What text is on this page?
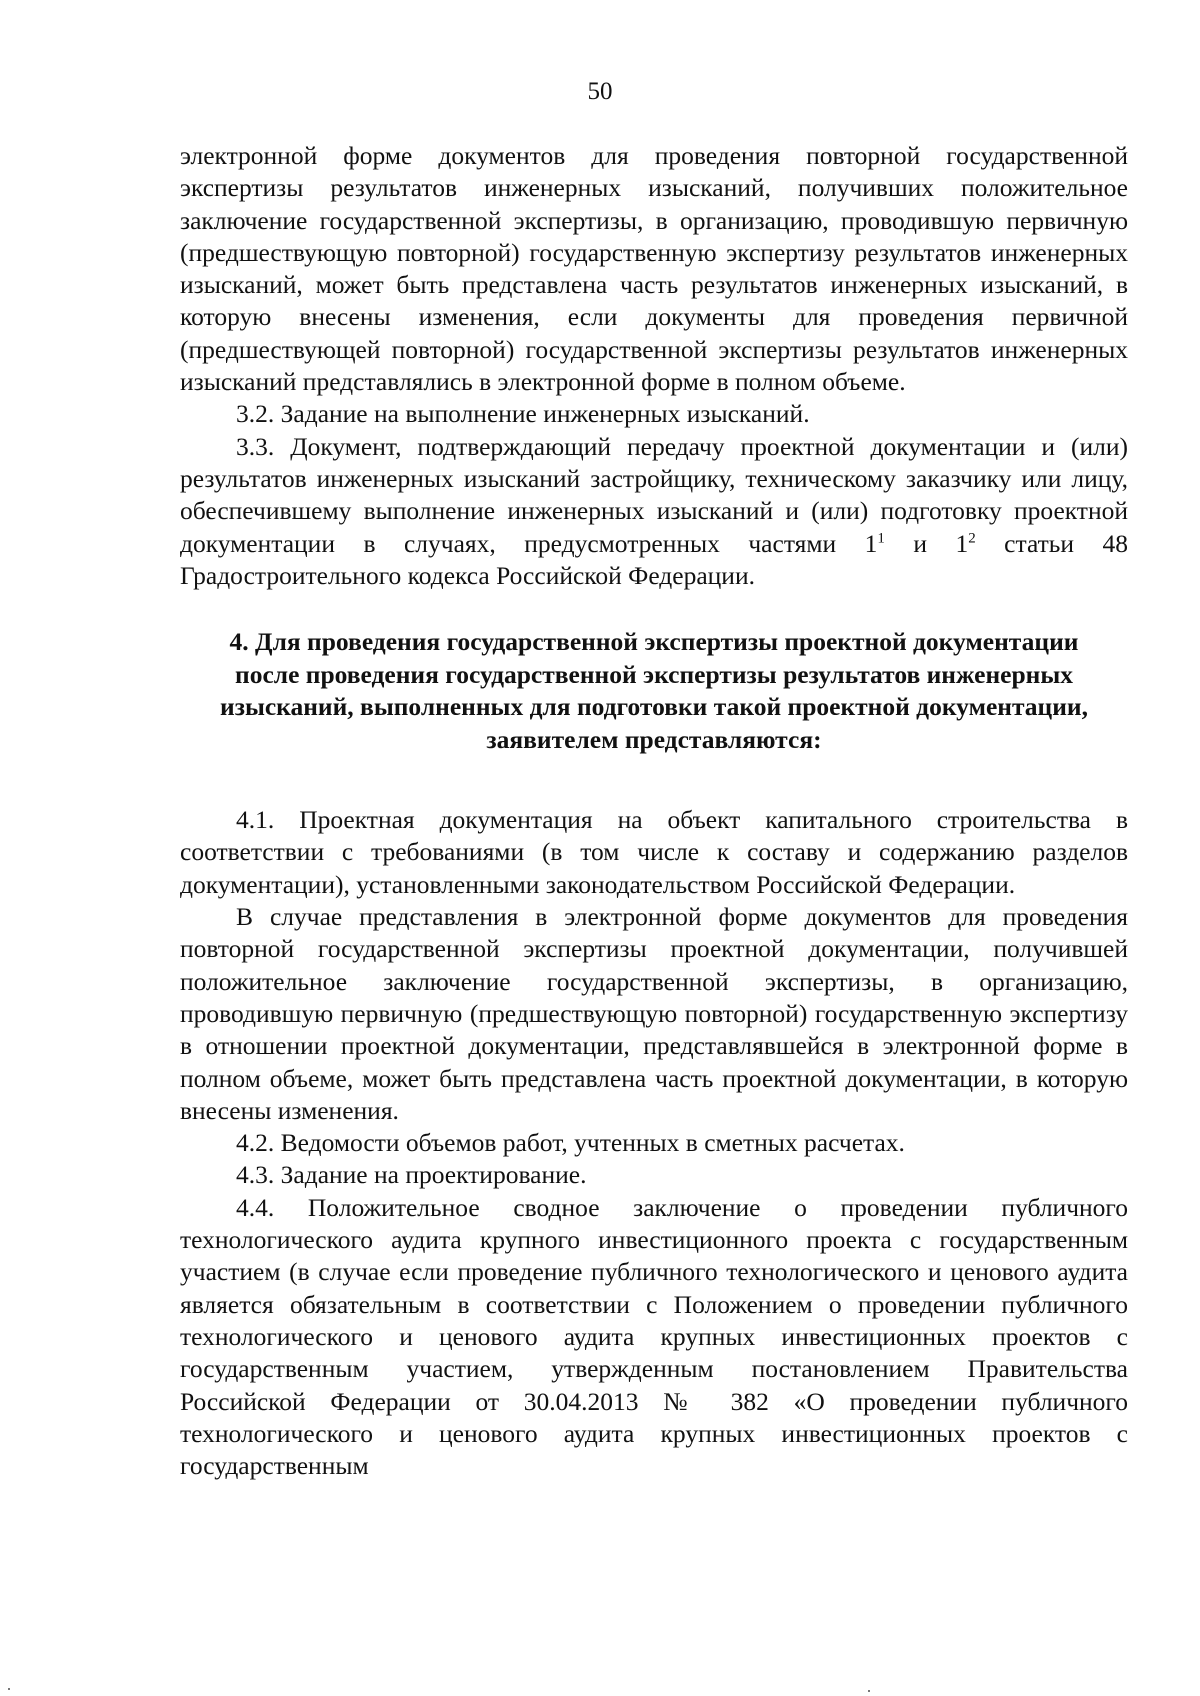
50

электронной форме документов для проведения повторной государственной экспертизы результатов инженерных изысканий, получивших положительное заключение государственной экспертизы, в организацию, проводившую первичную (предшествующую повторной) государственную экспертизу результатов инженерных изысканий, может быть представлена часть результатов инженерных изысканий, в которую внесены изменения, если документы для проведения первичной (предшествующей повторной) государственной экспертизы результатов инженерных изысканий представлялись в электронной форме в полном объеме.

3.2. Задание на выполнение инженерных изысканий.

3.3. Документ, подтверждающий передачу проектной документации и (или) результатов инженерных изысканий застройщику, техническому заказчику или лицу, обеспечившему выполнение инженерных изысканий и (или) подготовку проектной документации в случаях, предусмотренных частями $1^1$ и $1^2$ статьи 48 Градостроительного кодекса Российской Федерации.

4. Для проведения государственной экспертизы проектной документации после проведения государственной экспертизы результатов инженерных изысканий, выполненных для подготовки такой проектной документации, заявителем представляются:

4.1. Проектная документация на объект капитального строительства в соответствии с требованиями (в том числе к составу и содержанию разделов документации), установленными законодательством Российской Федерации.

В случае представления в электронной форме документов для проведения повторной государственной экспертизы проектной документации, получившей положительное заключение государственной экспертизы, в организацию, проводившую первичную (предшествующую повторной) государственную экспертизу в отношении проектной документации, представлявшейся в электронной форме в полном объеме, может быть представлена часть проектной документации, в которую внесены изменения.

4.2. Ведомости объемов работ, учтенных в сметных расчетах.

4.3. Задание на проектирование.

4.4. Положительное сводное заключение о проведении публичного технологического аудита крупного инвестиционного проекта с государственным участием (в случае если проведение публичного технологического и ценового аудита является обязательным в соответствии с Положением о проведении публичного технологического и ценового аудита крупных инвестиционных проектов с государственным участием, утвержденным постановлением Правительства Российской Федерации от 30.04.2013 № 382 «О проведении публичного технологического и ценового аудита крупных инвестиционных проектов с государственным
